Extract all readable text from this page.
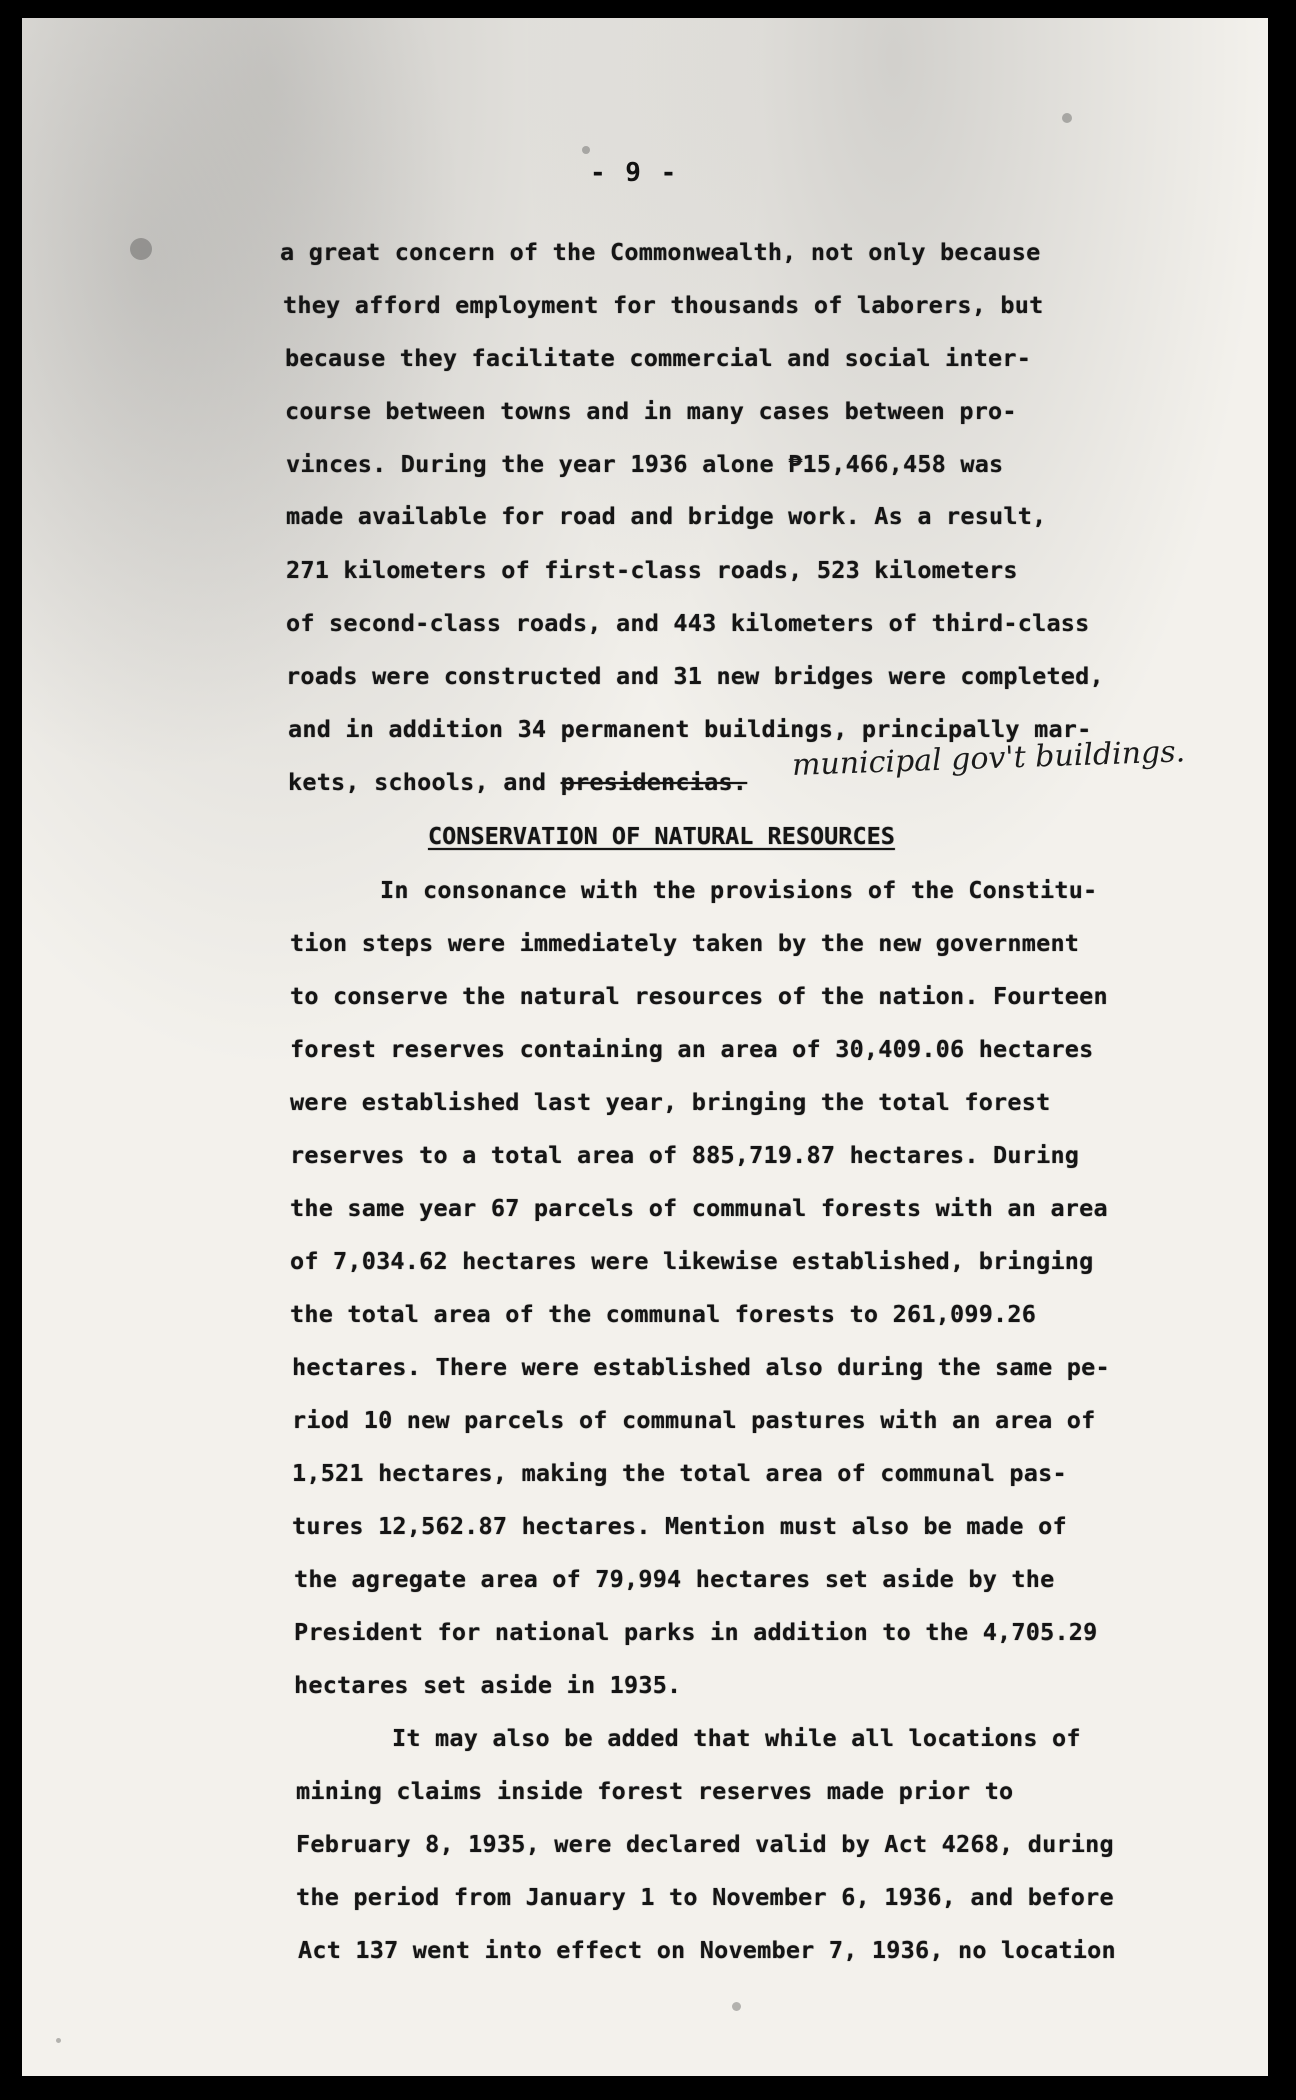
- 9 -
a great concern of the Commonwealth, not only because
they afford employment for thousands of laborers, but
because they facilitate commercial and social inter-
course between towns and in many cases between pro-
vinces. During the year 1936 alone ₱15,466,458 was
made available for road and bridge work. As a result,
271 kilometers of first-class roads, 523 kilometers
of second-class roads, and 443 kilometers of third-class
roads were constructed and 31 new bridges were completed,
and in addition 34 permanent buildings, principally mar-
kets, schools, and presidencias. municipal gov't buildings.
CONSERVATION OF NATURAL RESOURCES
In consonance with the provisions of the Constitu-
tion steps were immediately taken by the new government
to conserve the natural resources of the nation. Fourteen
forest reserves containing an area of 30,409.06 hectares
were established last year, bringing the total forest
reserves to a total area of 885,719.87 hectares. During
the same year 67 parcels of communal forests with an area
of 7,034.62 hectares were likewise established, bringing
the total area of the communal forests to 261,099.26
hectares. There were established also during the same pe-
riod 10 new parcels of communal pastures with an area of
1,521 hectares, making the total area of communal pas-
tures 12,562.87 hectares. Mention must also be made of
the agregate area of 79,994 hectares set aside by the
President for national parks in addition to the 4,705.29
hectares set aside in 1935.
It may also be added that while all locations of
mining claims inside forest reserves made prior to
February 8, 1935, were declared valid by Act 4268, during
the period from January 1 to November 6, 1936, and before
Act 137 went into effect on November 7, 1936, no location
